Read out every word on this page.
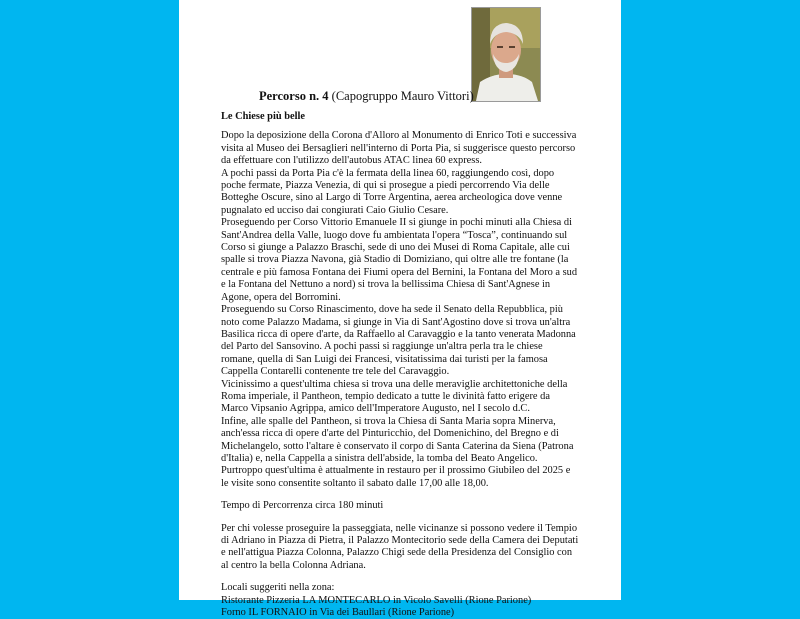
Percorso n. 4 (Capogruppo Mauro Vittori)
Le Chiese più belle

Dopo la deposizione della Corona d'Alloro al Monumento di Enrico Toti e successiva
visita al Museo dei Bersaglieri nell'interno di Porta Pia, si suggerisce questo percorso
da effettuare con l'utilizzo dell'autobus ATAC linea 60 express.
A pochi passi da Porta Pia c'è la fermata della linea 60, raggiungendo così, dopo
poche fermate, Piazza Venezia, di qui si prosegue a piedi percorrendo Via delle
Botteghe Oscure, sino al Largo di Torre Argentina, aerea archeologica dove venne
pugnalato ed ucciso dai congiurati Caio Giulio Cesare.
Proseguendo per Corso Vittorio Emanuele II si giunge in pochi minuti alla Chiesa di
Sant'Andrea della Valle, luogo dove fu ambientata l'opera “Tosca”, continuando sul
Corso si giunge a Palazzo Braschi, sede di uno dei Musei di Roma Capitale, alle cui
spalle si trova Piazza Navona, già Stadio di Domiziano, qui oltre alle tre fontane (la
centrale e più famosa Fontana dei Fiumi opera del Bernini, la Fontana del Moro a sud
e la Fontana del Nettuno a nord) si trova la bellissima Chiesa di Sant'Agnese in
Agone, opera del Borromini.
Proseguendo su Corso Rinascimento, dove ha sede il Senato della Repubblica, più
noto come Palazzo Madama, si giunge in Via di Sant'Agostino dove si trova un'altra
Basilica ricca di opere d'arte, da Raffaello al Caravaggio e la tanto venerata Madonna
del Parto del Sansovino. A pochi passi si raggiunge un'altra perla tra le chiese
romane, quella di San Luigi dei Francesi, visitatissima dai turisti per la famosa
Cappella Contarelli contenente tre tele del Caravaggio.
Vicinissimo a quest'ultima chiesa si trova una delle meraviglie architettoniche della
Roma imperiale, il Pantheon, tempio dedicato a tutte le divinità fatto erigere da
Marco Vipsanio Agrippa, amico dell'Imperatore Augusto, nel I secolo d.C.
Infine, alle spalle del Pantheon, si trova la Chiesa di Santa Maria sopra Minerva,
anch'essa ricca di opere d'arte del Pinturicchio, del Domenichino, del Bregno e di
Michelangelo, sotto l'altare è conservato il corpo di Santa Caterina da Siena (Patrona
d'Italia) e, nella Cappella a sinistra dell'abside, la tomba del Beato Angelico.
Purtroppo quest'ultima è attualmente in restauro per il prossimo Giubileo del 2025 e
le visite sono consentite soltanto il sabato dalle 17,00 alle 18,00.

Tempo di Percorrenza circa 180 minuti

Per chi volesse proseguire la passeggiata, nelle vicinanze si possono vedere il Tempio
di Adriano in Piazza di Pietra, il Palazzo Montecitorio sede della Camera dei Deputati
e nell'attigua Piazza Colonna, Palazzo Chigi sede della Presidenza del Consiglio con
al centro la bella Colonna Adriana.

Locali suggeriti nella zona:
Ristorante Pizzeria LA MONTECARLO in Vicolo Savelli (Rione Parione)
Forno IL FORNAIO in Via dei Baullari (Rione Parione)
